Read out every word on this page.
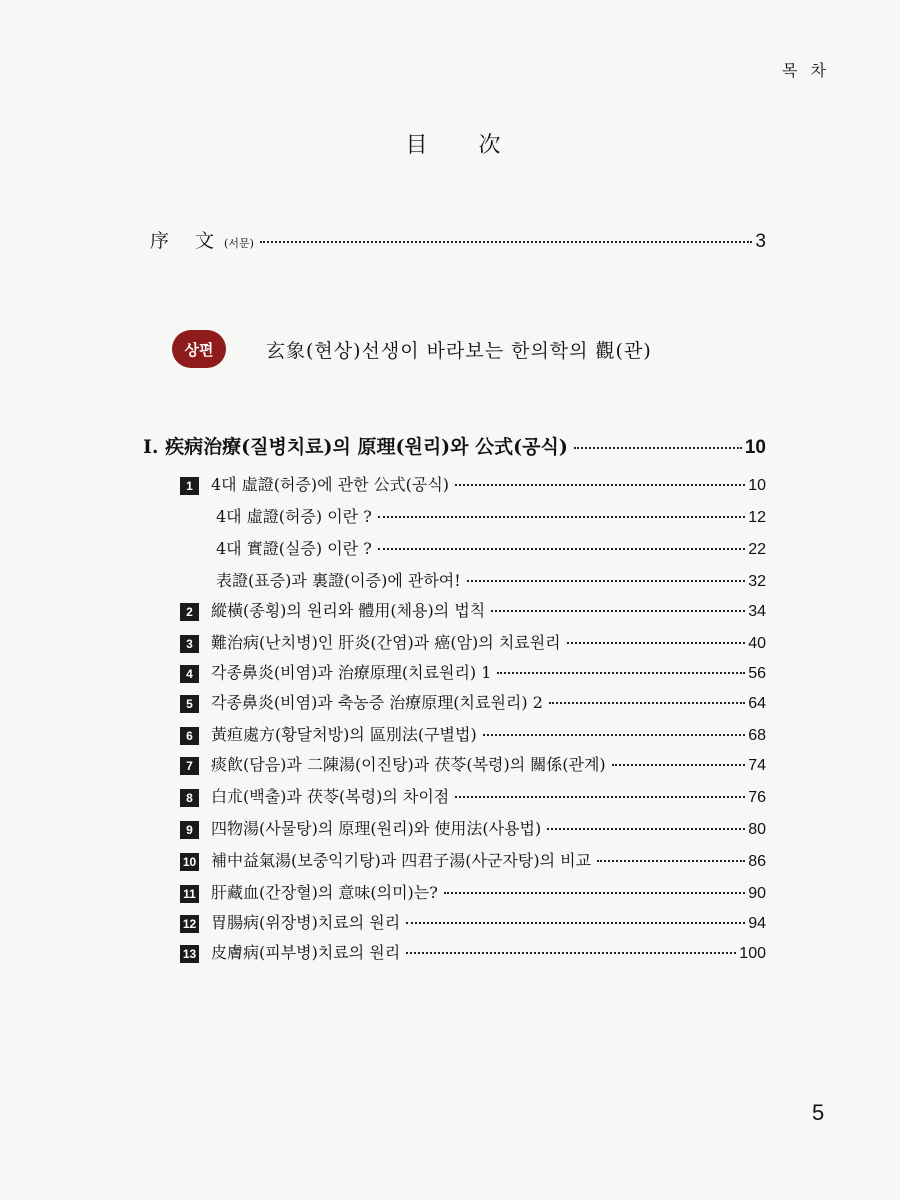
목 차
目 次
序 文 (서문)	3
상편	玄象(현상)선생이 바라보는 한의학의 觀(관)
Ⅰ. 疾病治療(질병치료)의 原理(원리)와 公式(공식)	10
1	4대 虛證(허증)에 관한 公式(공식)	10
4대 虛證(허증) 이란 ?	12
4대 實證(실증) 이란 ?	22
表證(표증)과 裏證(이증)에 관하여!	32
2	縱橫(종횡)의 원리와 體用(체용)의 법칙	34
3	難治病(난치병)인 肝炎(간염)과 癌(암)의 치료원리	40
4	각종鼻炎(비염)과 治療原理(치료원리) 1	56
5	각종鼻炎(비염)과 축농증 治療原理(치료원리) 2	64
6	黃疸處方(황달처방)의 區別法(구별법)	68
7	痰飮(담음)과 二陳湯(이진탕)과 茯苓(복령)의 關係(관계)	74
8	白朮(백출)과 茯苓(복령)의 차이점	76
9	四物湯(사물탕)의 原理(원리)와 使用法(사용법)	80
10 補中益氣湯(보중익기탕)과 四君子湯(사군자탕)의 비교	86
11 肝藏血(간장혈)의 意味(의미)는?	90
12 胃腸病(위장병)치료의 원리	94
13 皮膚病(피부병)치료의 원리	100
5
